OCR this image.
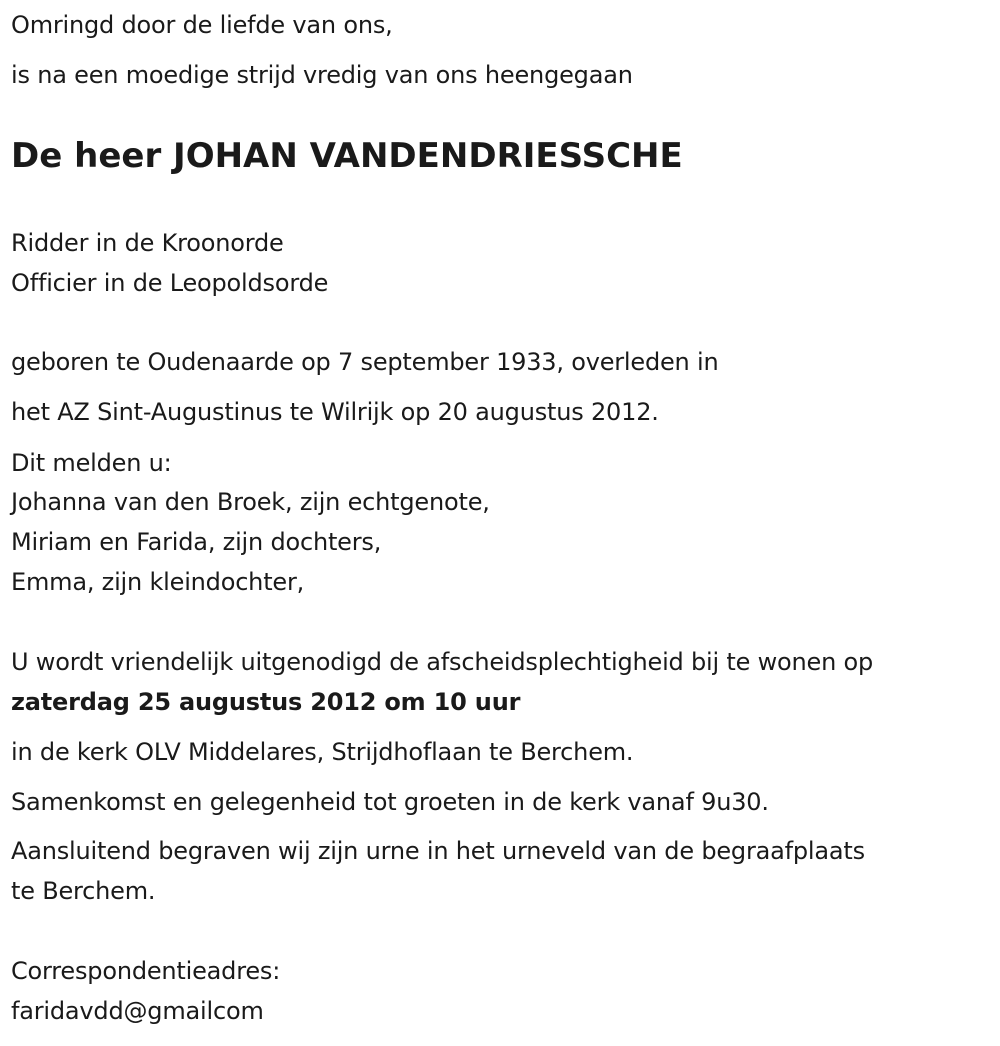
Omringd door de liefde van ons,
is na een moedige strijd vredig van ons heengegaan
De heer JOHAN VANDENDRIESSCHE
Ridder in de Kroonorde
Officier in de Leopoldsorde
geboren te Oudenaarde op 7 september 1933, overleden in
het AZ Sint-Augustinus te Wilrijk op 20 augustus 2012.
Dit melden u:
Johanna van den Broek, zijn echtgenote,
Miriam en Farida, zijn dochters,
Emma, zijn kleindochter,
U wordt vriendelijk uitgenodigd de afscheidsplechtigheid bij te wonen op
zaterdag 25 augustus 2012 om 10 uur
in de kerk OLV Middelares, Strijdhoflaan te Berchem.
Samenkomst en gelegenheid tot groeten in de kerk vanaf 9u30.
Aansluitend begraven wij zijn urne in het urneveld van de begraafplaats
te Berchem.
Correspondentieadres:
faridavdd@gmailcom
